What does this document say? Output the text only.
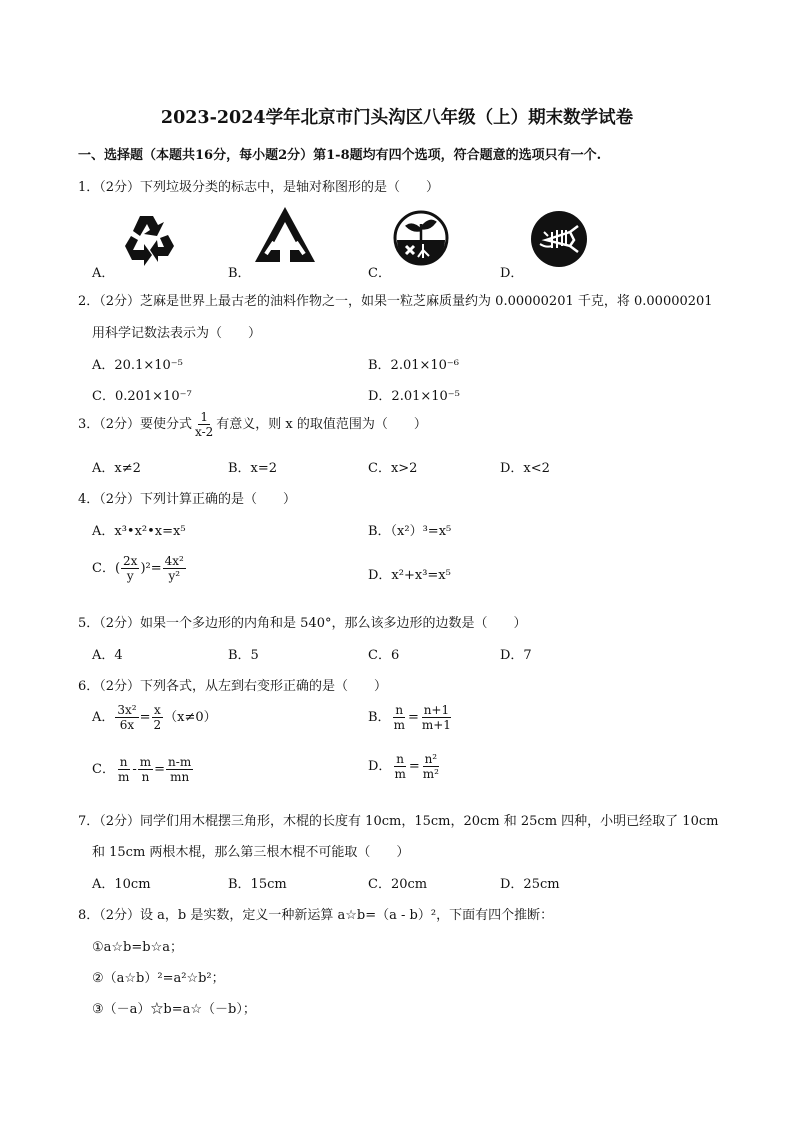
2023-2024学年北京市门头沟区八年级（上）期末数学试卷
一、选择题（本题共16分，每小题2分）第1-8题均有四个选项，符合题意的选项只有一个.
1．（2分）下列垃圾分类的标志中，是轴对称图形的是（　　）
A．	B．	C．	D．
2．（2分）芝麻是世界上最古老的油料作物之一，如果一粒芝麻质量约为 0.00000201 千克，将 0.00000201
用科学记数法表示为（　　）
A．20.1×10⁻⁵	B．2.01×10⁻⁶
C．0.201×10⁻⁷	D．2.01×10⁻⁵
3．（2分）要使分式 $\frac{1}{x-2}$ 有意义，则 x 的取值范围为（　　）
A．x≠2	B．x=2	C．x>2	D．x<2
4．（2分）下列计算正确的是（　　）
A．x³•x²•x=x⁵	B．（x²）³=x⁵
C．( $\frac{2x}{y} )^2= \frac{\text{4x²}}{\text{y²}}$	D．x²+x³=x⁵
5．（2分）如果一个多边形的内角和是 540°，那么该多边形的边数是（　　）
A．4	B．5	C．6	D．7
6．（2分）下列各式，从左到右变形正确的是（　　）
A． $\frac{\text{3x²}}{6x} = \frac{x}{2} (x\ne 0)$	B． $\frac{n}{m} = \frac{n+1}{m+1}$
C． $\frac{n}{m} - \frac{m}{n} = \frac{n-m}{mn}$	D． $\frac{n}{m} = \frac{\text{n²}}{\text{m²}}$
7．（2分）同学们用木棍摆三角形，木棍的长度有 10cm，15cm，20cm 和 25cm 四种，小明已经取了 10cm
和 15cm 两根木棍，那么第三根木棍不可能取（　　）
A．10cm	B．15cm	C．20cm	D．25cm
8．（2分）设 a，b 是实数，定义一种新运算 a☆b=（a - b）²，下面有四个推断：
①a☆b=b☆a；
②（a☆b）²=a²☆b²；
③（－a）☆b=a☆（－b）；
